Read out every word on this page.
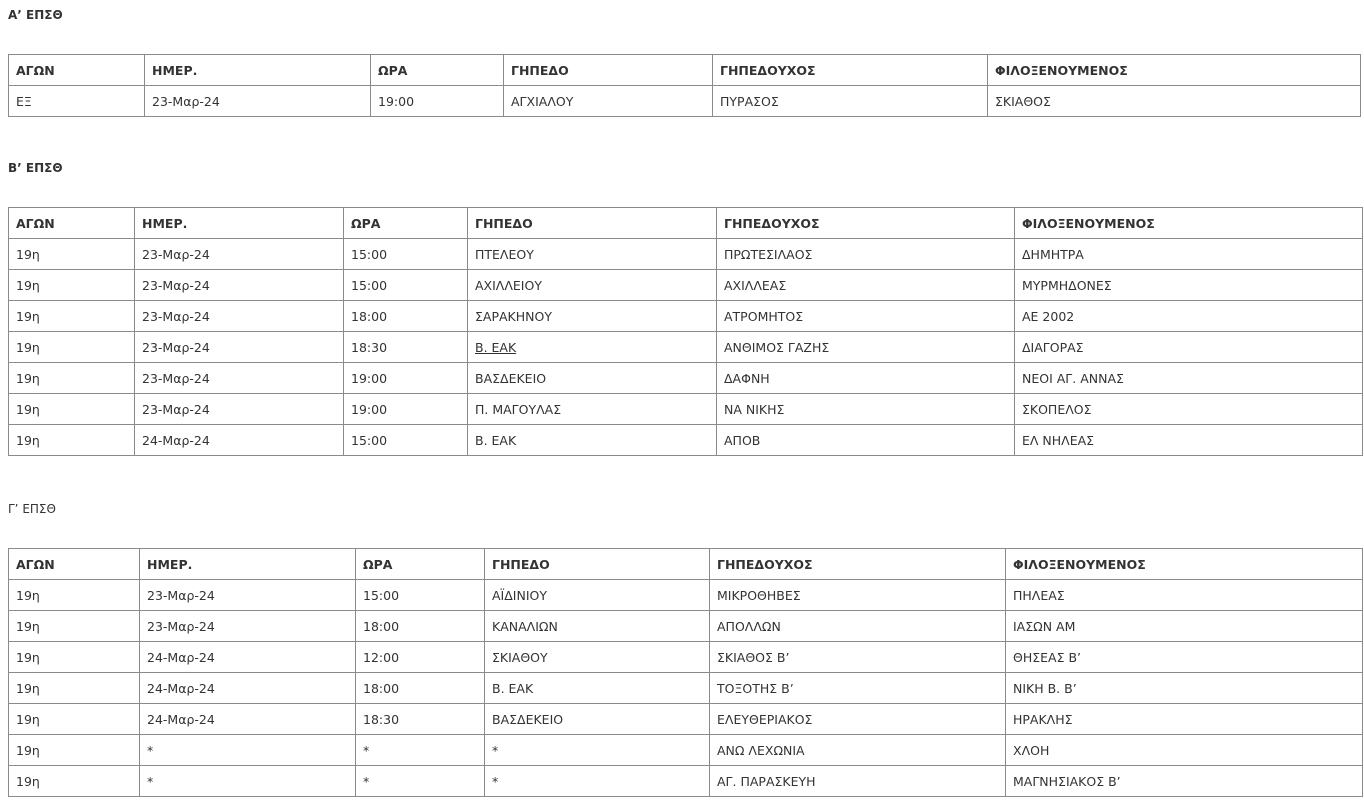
Α’ ΕΠΣΘ
ΑΓΩΝ	ΗΜΕΡ.	ΩΡΑ	ΓΗΠΕΔΟ	ΓΗΠΕΔΟΥΧΟΣ	ΦΙΛΟΞΕΝΟΥΜΕΝΟΣ
ΕΞ	23-Μαρ-24	19:00	ΑΓΧΙΑΛΟΥ	ΠΥΡΑΣΟΣ	ΣΚΙΑΘΟΣ
Β’ ΕΠΣΘ
ΑΓΩΝ	ΗΜΕΡ.	ΩΡΑ	ΓΗΠΕΔΟ	ΓΗΠΕΔΟΥΧΟΣ	ΦΙΛΟΞΕΝΟΥΜΕΝΟΣ
19η	23-Μαρ-24	15:00	ΠΤΕΛΕΟΥ	ΠΡΩΤΕΣΙΛΑΟΣ	ΔΗΜΗΤΡΑ
19η	23-Μαρ-24	15:00	ΑΧΙΛΛΕΙΟΥ	ΑΧΙΛΛΕΑΣ	ΜΥΡΜΗΔΟΝΕΣ
19η	23-Μαρ-24	18:00	ΣΑΡΑΚΗΝΟΥ	ΑΤΡΟΜΗΤΟΣ	ΑΕ 2002
19η	23-Μαρ-24	18:30	Β. ΕΑΚ	ΑΝΘΙΜΟΣ ΓΑΖΗΣ	ΔΙΑΓΟΡΑΣ
19η	23-Μαρ-24	19:00	ΒΑΣΔΕΚΕΙΟ	ΔΑΦΝΗ	ΝΕΟΙ ΑΓ. ΑΝΝΑΣ
19η	23-Μαρ-24	19:00	Π. ΜΑΓΟΥΛΑΣ	ΝΑ ΝΙΚΗΣ	ΣΚΟΠΕΛΟΣ
19η	24-Μαρ-24	15:00	Β. ΕΑΚ	ΑΠΟΒ	ΕΛ ΝΗΛΕΑΣ
Γ’ ΕΠΣΘ
ΑΓΩΝ	ΗΜΕΡ.	ΩΡΑ	ΓΗΠΕΔΟ	ΓΗΠΕΔΟΥΧΟΣ	ΦΙΛΟΞΕΝΟΥΜΕΝΟΣ
19η	23-Μαρ-24	15:00	ΑΪΔΙΝΙΟΥ	ΜΙΚΡΟΘΗΒΕΣ	ΠΗΛΕΑΣ
19η	23-Μαρ-24	18:00	ΚΑΝΑΛΙΩΝ	ΑΠΟΛΛΩΝ	ΙΑΣΩΝ ΑΜ
19η	24-Μαρ-24	12:00	ΣΚΙΑΘΟΥ	ΣΚΙΑΘΟΣ Β’	ΘΗΣΕΑΣ Β’
19η	24-Μαρ-24	18:00	Β. ΕΑΚ	ΤΟΞΟΤΗΣ Β’	ΝΙΚΗ Β. Β’
19η	24-Μαρ-24	18:30	ΒΑΣΔΕΚΕΙΟ	ΕΛΕΥΘΕΡΙΑΚΟΣ	ΗΡΑΚΛΗΣ
19η	*	*	*	ΑΝΩ ΛΕΧΩΝΙΑ	ΧΛΟΗ
19η	*	*	*	ΑΓ. ΠΑΡΑΣΚΕΥΗ	ΜΑΓΝΗΣΙΑΚΟΣ Β’
